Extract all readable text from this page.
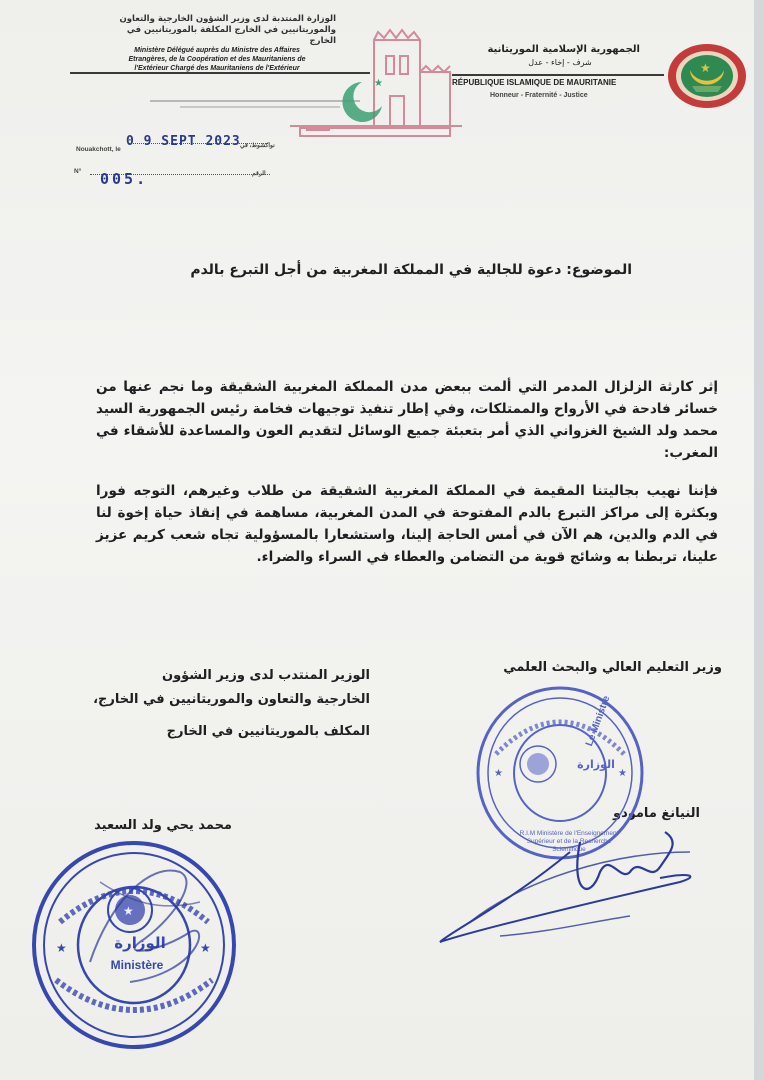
الوزارة المنتدبة لدى وزير الشؤون الخارجية والتعاون
والموريتانيين في الخارج المكلفة بالموريتانيين في
الخارج
Ministère Délégué auprès du Ministre des Affaires
Etrangères, de la Coopération et des Mauritaniens de
l'Extérieur Chargé des Mauritaniens de l'Extérieur
★
الجمهورية الإسلامية الموريتانية
شرف - إخاء - عدل
RÉPUBLIQUE ISLAMIQUE DE MAURITANIE
Honneur - Fraternité - Justice
★
Nouakchott, le	نواكشوط، في
0 9 SEPT 2023
N°	الرقم
005.
الموضوع: دعوة للجالية في المملكة المغربية من أجل التبرع بالدم
إثر كارثة الزلزال المدمر التي ألمت ببعض مدن المملكة المغربية الشقيقة وما نجم عنها من خسائر فادحة في الأرواح والممتلكات، وفي إطار تنفيذ توجيهات فخامة رئيس الجمهورية السيد محمد ولد الشيخ الغزواني الذي أمر بتعبئة جميع الوسائل لتقديم العون والمساعدة للأشقاء في المغرب:
فإننا نهيب بجاليتنا المقيمة في المملكة المغربية الشقيقة من طلاب وغيرهم، التوجه فورا وبكثرة إلى مراكز التبرع بالدم المفتوحة في المدن المغربية، مساهمة في إنقاذ حياة إخوة لنا في الدم والدين، هم الآن في أمس الحاجة إلينا، واستشعارا بالمسؤولية تجاه شعب كريم عزيز علينا، تربطنا به وشائج قوية من التضامن والعطاء في السراء والضراء.
الوزير المنتدب لدى وزير الشؤون
الخارجية والتعاون والموريتانيين في الخارج،
المكلف بالموريتانيين في الخارج
محمد يحي ولد السعيد
وزير التعليم العالي والبحث العلمي
النيانغ مامودو
★
★	★
الوزارة
Ministère
★	★
الوزارة
Le Ministre
R.I.M Ministère de l'Enseignement Supérieur et de la Recherche Scientifique
